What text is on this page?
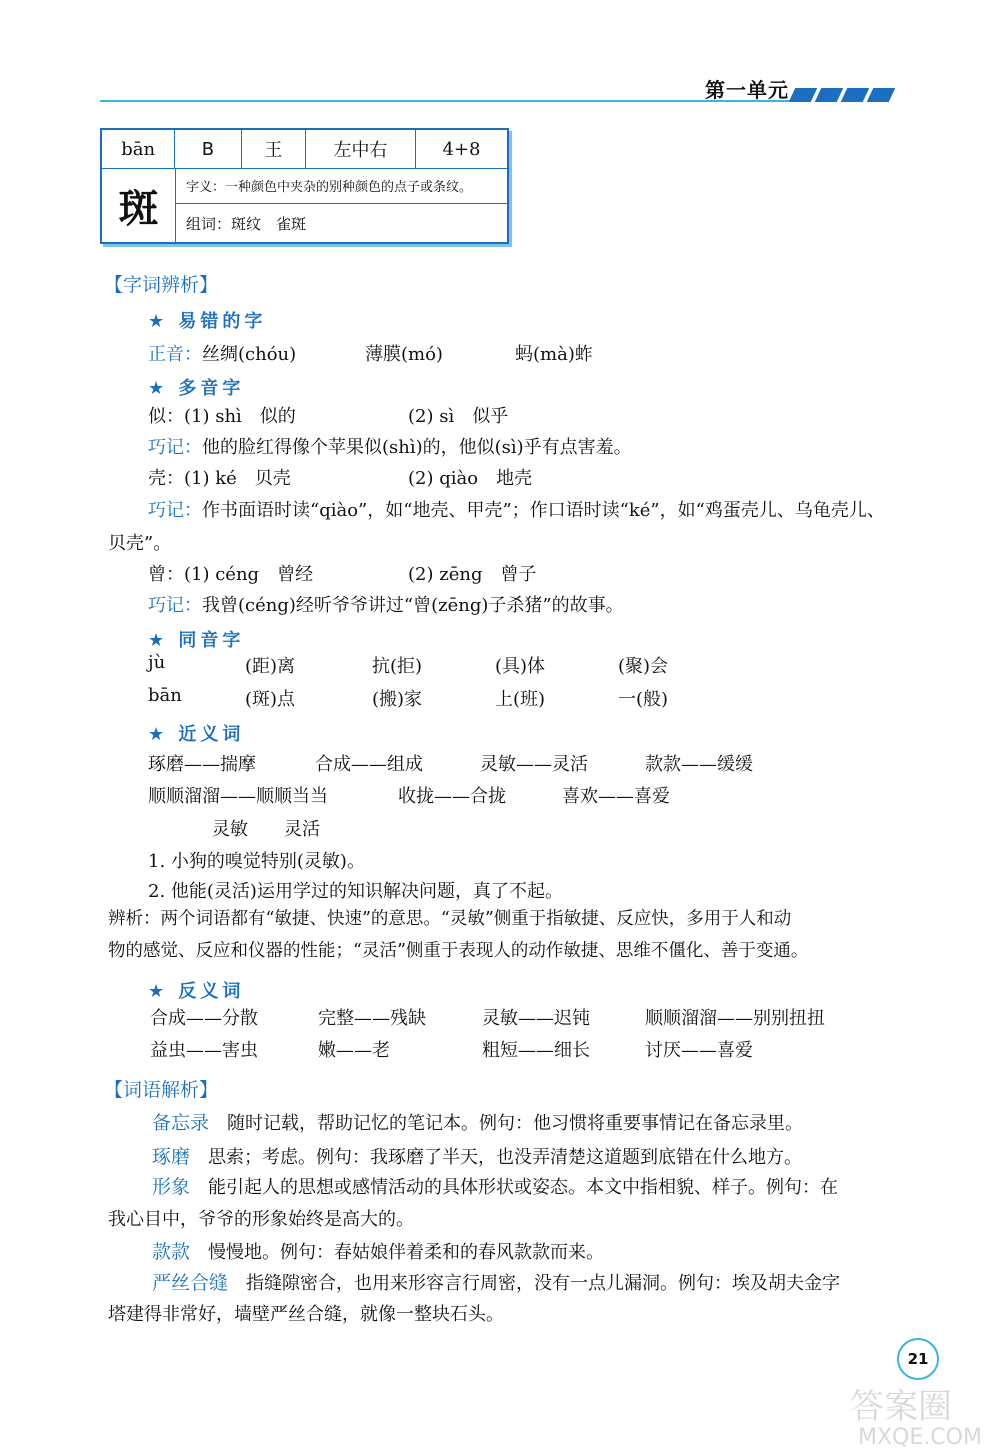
第一单元
bān	B	王	左中右	4+8
斑	字义：一种颜色中夹杂的别种颜色的点子或条纹。
组词：斑纹　雀斑
【字词辨析】
★ 易错的字
正音：丝绸(chóu)	薄膜(mó)	蚂(mà)蚱
★ 多音字
似：(1) shì　似的	(2) sì　似乎
巧记：他的脸红得像个苹果似(shì)的，他似(sì)乎有点害羞。
壳：(1) ké　贝壳	(2) qiào　地壳
巧记：作书面语时读“qiào”，如“地壳、甲壳”；作口语时读“ké”，如“鸡蛋壳儿、乌龟壳儿、
贝壳”。
曾：(1) céng　曾经	(2) zēng　曾子
巧记：我曾(céng)经听爷爷讲过“曾(zēng)子杀猪”的故事。
★ 同音字
jù	(距)离	抗(拒)	(具)体	(聚)会
bān	(斑)点	(搬)家	上(班)	一(般)
★ 近义词
琢磨——揣摩	合成——组成	灵敏——灵活	款款——缓缓
顺顺溜溜——顺顺当当	收拢——合拢	喜欢——喜爱
灵敏　　灵活
1. 小狗的嗅觉特别(灵敏)。
2. 他能(灵活)运用学过的知识解决问题，真了不起。
辨析：两个词语都有“敏捷、快速”的意思。“灵敏”侧重于指敏捷、反应快，多用于人和动
物的感觉、反应和仪器的性能；“灵活”侧重于表现人的动作敏捷、思维不僵化、善于变通。
★ 反义词
合成——分散	完整——残缺	灵敏——迟钝	顺顺溜溜——别别扭扭
益虫——害虫	嫩——老	粗短——细长	讨厌——喜爱
【词语解析】
备忘录　 随时记载，帮助记忆的笔记本。例句：他习惯将重要事情记在备忘录里。
琢磨　 思索；考虑。例句：我琢磨了半天，也没弄清楚这道题到底错在什么地方。
形象　 能引起人的思想或感情活动的具体形状或姿态。本文中指相貌、样子。例句：在
我心目中，爷爷的形象始终是高大的。
款款　 慢慢地。例句：春姑娘伴着柔和的春风款款而来。
严丝合缝　 指缝隙密合，也用来形容言行周密，没有一点儿漏洞。例句：埃及胡夫金字
塔建得非常好，墙壁严丝合缝，就像一整块石头。
21
答案圈
MXQE.COM
